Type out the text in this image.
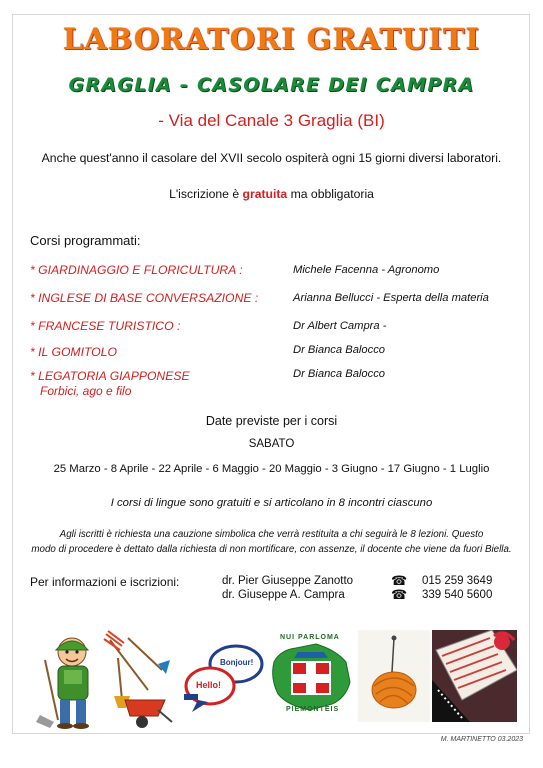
LABORATORI GRATUITI
GRAGLIA - CASOLARE DEI CAMPRA
- Via del Canale 3 Graglia (BI)
Anche quest'anno il casolare del XVII secolo ospiterà ogni 15 giorni diversi laboratori.
L'iscrizione è gratuita ma obbligatoria
Corsi programmati:
* GIARDINAGGIO E FLORICULTURA :	Michele Facenna - Agronomo
* INGLESE DI BASE CONVERSAZIONE :	Arianna Bellucci - Esperta della materia
* FRANCESE TURISTICO :	Dr Albert Campra -
* IL GOMITOLO	Dr Bianca Balocco
* LEGATORIA GIAPPONESE	Dr Bianca Balocco
Forbici, ago e filo
Date previste per i corsi
SABATO
25 Marzo - 8 Aprile - 22 Aprile - 6 Maggio - 20 Maggio - 3 Giugno - 17 Giugno - 1 Luglio
I corsi di lingue sono gratuiti e si articolano in 8 incontri ciascuno
Agli iscritti è richiesta una cauzione simbolica che verrà restituita a chi seguirà le 8 lezioni. Questo
modo di procedere è dettato dalla richiesta di non mortificare, con assenze, il docente che viene da fuori Biella.
Per informazioni e iscrizioni:	dr. Pier Giuseppe Zanotto	☎ 015 259 3649
dr. Giuseppe A. Campra	☎ 339 540 5600
Bonjour!
Hello!
NUI PARLOMA
PIEMONTÈIS
M. MARTINETTO 03.2023
